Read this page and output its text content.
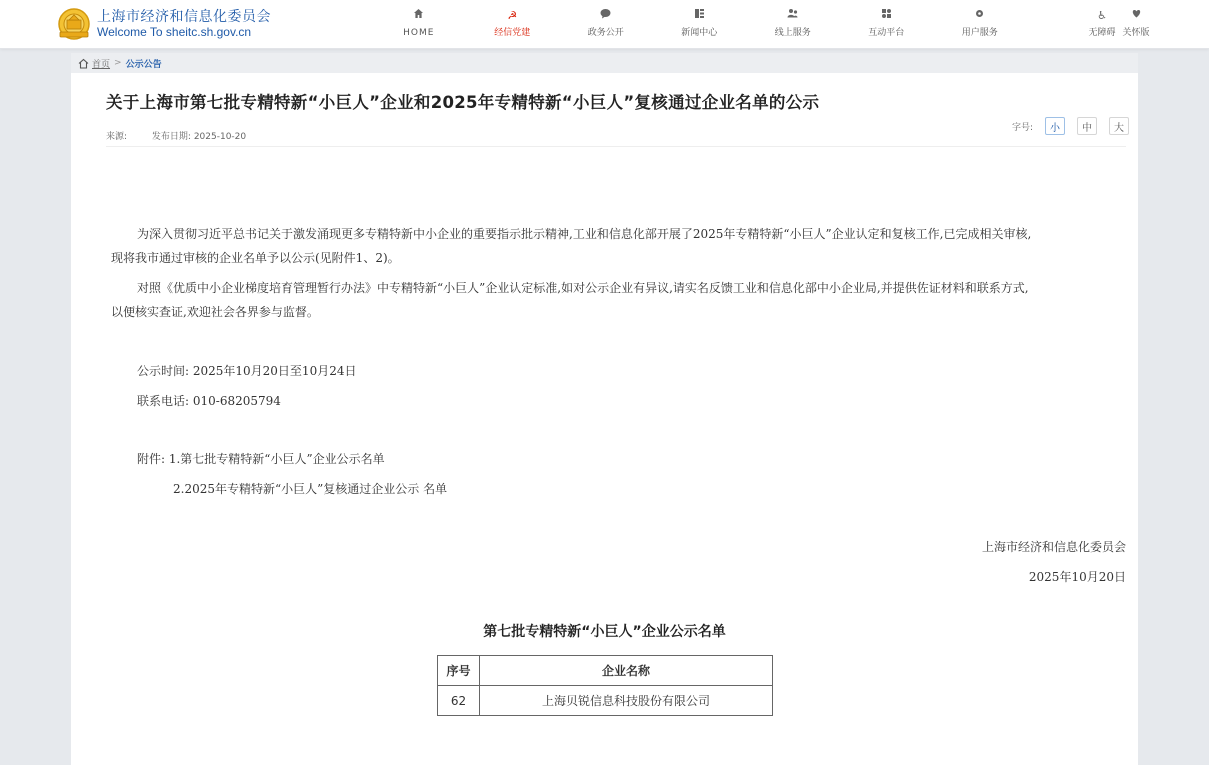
上海市经济和信息化委员会
Welcome To sheitc.sh.gov.cn	HOME
☭
经信党建	政务公开	新闻中心	线上服务	互动平台	用户服务
♿
无障碍 关怀版
首页 > 公示公告
关于上海市第七批专精特新“小巨人”企业和2025年专精特新“小巨人”复核通过企业名单的公示
来源:	发布日期: 2025-10-20
字号:	小	中	大
为深入贯彻习近平总书记关于激发涌现更多专精特新中小企业的重要指示批示精神,工业和信息化部开展了2025年专精特新“小巨人”企业认定和复核工作,已完成相关审核,
现将我市通过审核的企业名单予以公示(见附件1、2)。
对照《优质中小企业梯度培育管理暂行办法》中专精特新“小巨人”企业认定标准,如对公示企业有异议,请实名反馈工业和信息化部中小企业局,并提供佐证材料和联系方式,
以便核实查证,欢迎社会各界参与监督。
公示时间: 2025年10月20日至10月24日
联系电话: 010-68205794
附件: 1.第七批专精特新“小巨人”企业公示名单
2.2025年专精特新“小巨人”复核通过企业公示 名单
上海市经济和信息化委员会
2025年10月20日
第七批专精特新“小巨人”企业公示名单
序号	企业名称
62	上海贝锐信息科技股份有限公司
